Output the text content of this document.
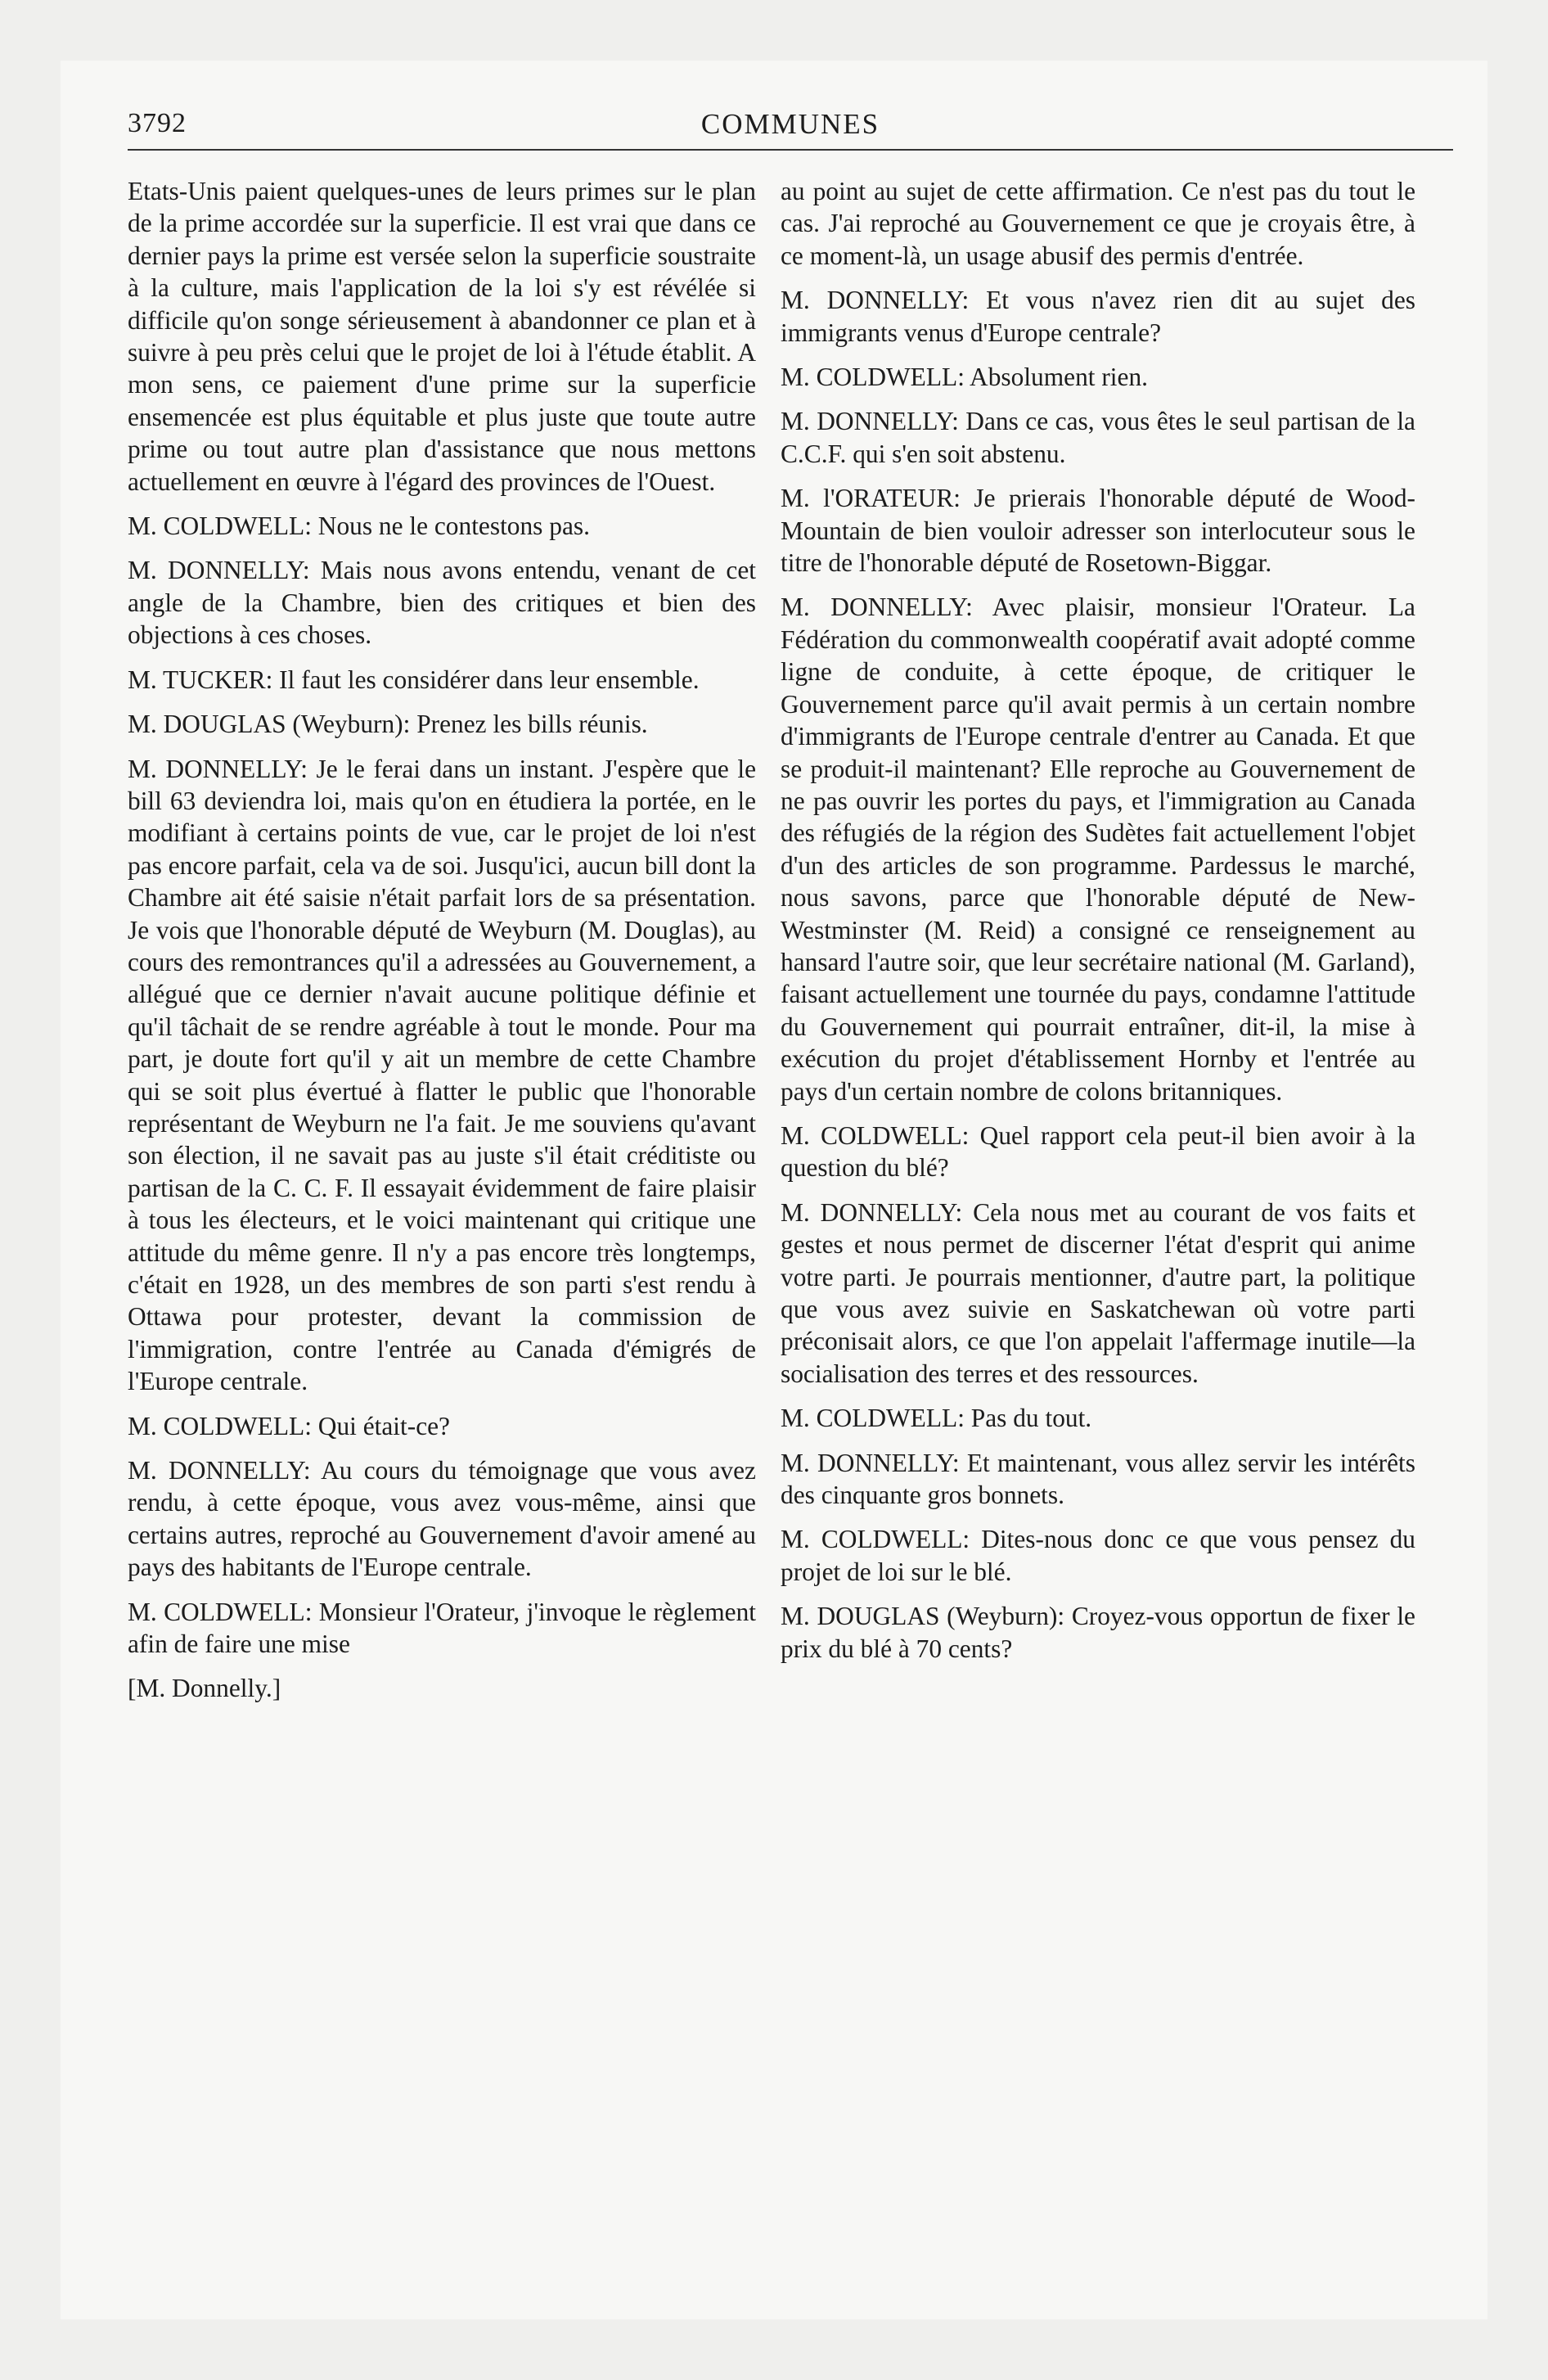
3792	COMMUNES

Etats-Unis paient quelques-unes de leurs primes sur le plan de la prime accordée sur la superficie. Il est vrai que dans ce dernier pays la prime est versée selon la superficie soustraite à la culture, mais l'application de la loi s'y est révélée si difficile qu'on songe sérieusement à abandonner ce plan et à suivre à peu près celui que le projet de loi à l'étude établit. A mon sens, ce paiement d'une prime sur la superficie ensemencée est plus équitable et plus juste que toute autre prime ou tout autre plan d'assistance que nous mettons actuellement en œuvre à l'égard des provinces de l'Ouest.

M. COLDWELL: Nous ne le contestons pas.

M. DONNELLY: Mais nous avons entendu, venant de cet angle de la Chambre, bien des critiques et bien des objections à ces choses.

M. TUCKER: Il faut les considérer dans leur ensemble.

M. DOUGLAS (Weyburn): Prenez les bills réunis.

M. DONNELLY: Je le ferai dans un instant. J'espère que le bill 63 deviendra loi, mais qu'on en étudiera la portée, en le modifiant à certains points de vue, car le projet de loi n'est pas encore parfait, cela va de soi. Jusqu'ici, aucun bill dont la Chambre ait été saisie n'était parfait lors de sa présentation. Je vois que l'honorable député de Weyburn (M. Douglas), au cours des remontrances qu'il a adressées au Gouvernement, a allégué que ce dernier n'avait aucune politique définie et qu'il tâchait de se rendre agréable à tout le monde. Pour ma part, je doute fort qu'il y ait un membre de cette Chambre qui se soit plus évertué à flatter le public que l'honorable représentant de Weyburn ne l'a fait. Je me souviens qu'avant son élection, il ne savait pas au juste s'il était créditiste ou partisan de la C. C. F. Il essayait évidemment de faire plaisir à tous les électeurs, et le voici maintenant qui critique une attitude du même genre. Il n'y a pas encore très longtemps, c'était en 1928, un des membres de son parti s'est rendu à Ottawa pour protester, devant la commission de l'immigration, contre l'entrée au Canada d'émigrés de l'Europe centrale.

M. COLDWELL: Qui était-ce?

M. DONNELLY: Au cours du témoignage que vous avez rendu, à cette époque, vous avez vous-même, ainsi que certains autres, reproché au Gouvernement d'avoir amené au pays des habitants de l'Europe centrale.

M. COLDWELL: Monsieur l'Orateur, j'invoque le règlement afin de faire une mise

[M. Donnelly.]

au point au sujet de cette affirmation. Ce n'est pas du tout le cas. J'ai reproché au Gouvernement ce que je croyais être, à ce moment-là, un usage abusif des permis d'entrée.

M. DONNELLY: Et vous n'avez rien dit au sujet des immigrants venus d'Europe centrale?

M. COLDWELL: Absolument rien.

M. DONNELLY: Dans ce cas, vous êtes le seul partisan de la C.C.F. qui s'en soit abstenu.

M. l'ORATEUR: Je prierais l'honorable député de Wood-Mountain de bien vouloir adresser son interlocuteur sous le titre de l'honorable député de Rosetown-Biggar.

M. DONNELLY: Avec plaisir, monsieur l'Orateur. La Fédération du commonwealth coopératif avait adopté comme ligne de conduite, à cette époque, de critiquer le Gouvernement parce qu'il avait permis à un certain nombre d'immigrants de l'Europe centrale d'entrer au Canada. Et que se produit-il maintenant? Elle reproche au Gouvernement de ne pas ouvrir les portes du pays, et l'immigration au Canada des réfugiés de la région des Sudètes fait actuellement l'objet d'un des articles de son programme. Pardessus le marché, nous savons, parce que l'honorable député de New-Westminster (M. Reid) a consigné ce renseignement au hansard l'autre soir, que leur secrétaire national (M. Garland), faisant actuellement une tournée du pays, condamne l'attitude du Gouvernement qui pourrait entraîner, dit-il, la mise à exécution du projet d'établissement Hornby et l'entrée au pays d'un certain nombre de colons britanniques.

M. COLDWELL: Quel rapport cela peut-il bien avoir à la question du blé?

M. DONNELLY: Cela nous met au courant de vos faits et gestes et nous permet de discerner l'état d'esprit qui anime votre parti. Je pourrais mentionner, d'autre part, la politique que vous avez suivie en Saskatchewan où votre parti préconisait alors, ce que l'on appelait l'affermage inutile—la socialisation des terres et des ressources.

M. COLDWELL: Pas du tout.

M. DONNELLY: Et maintenant, vous allez servir les intérêts des cinquante gros bonnets.

M. COLDWELL: Dites-nous donc ce que vous pensez du projet de loi sur le blé.

M. DOUGLAS (Weyburn): Croyez-vous opportun de fixer le prix du blé à 70 cents?
